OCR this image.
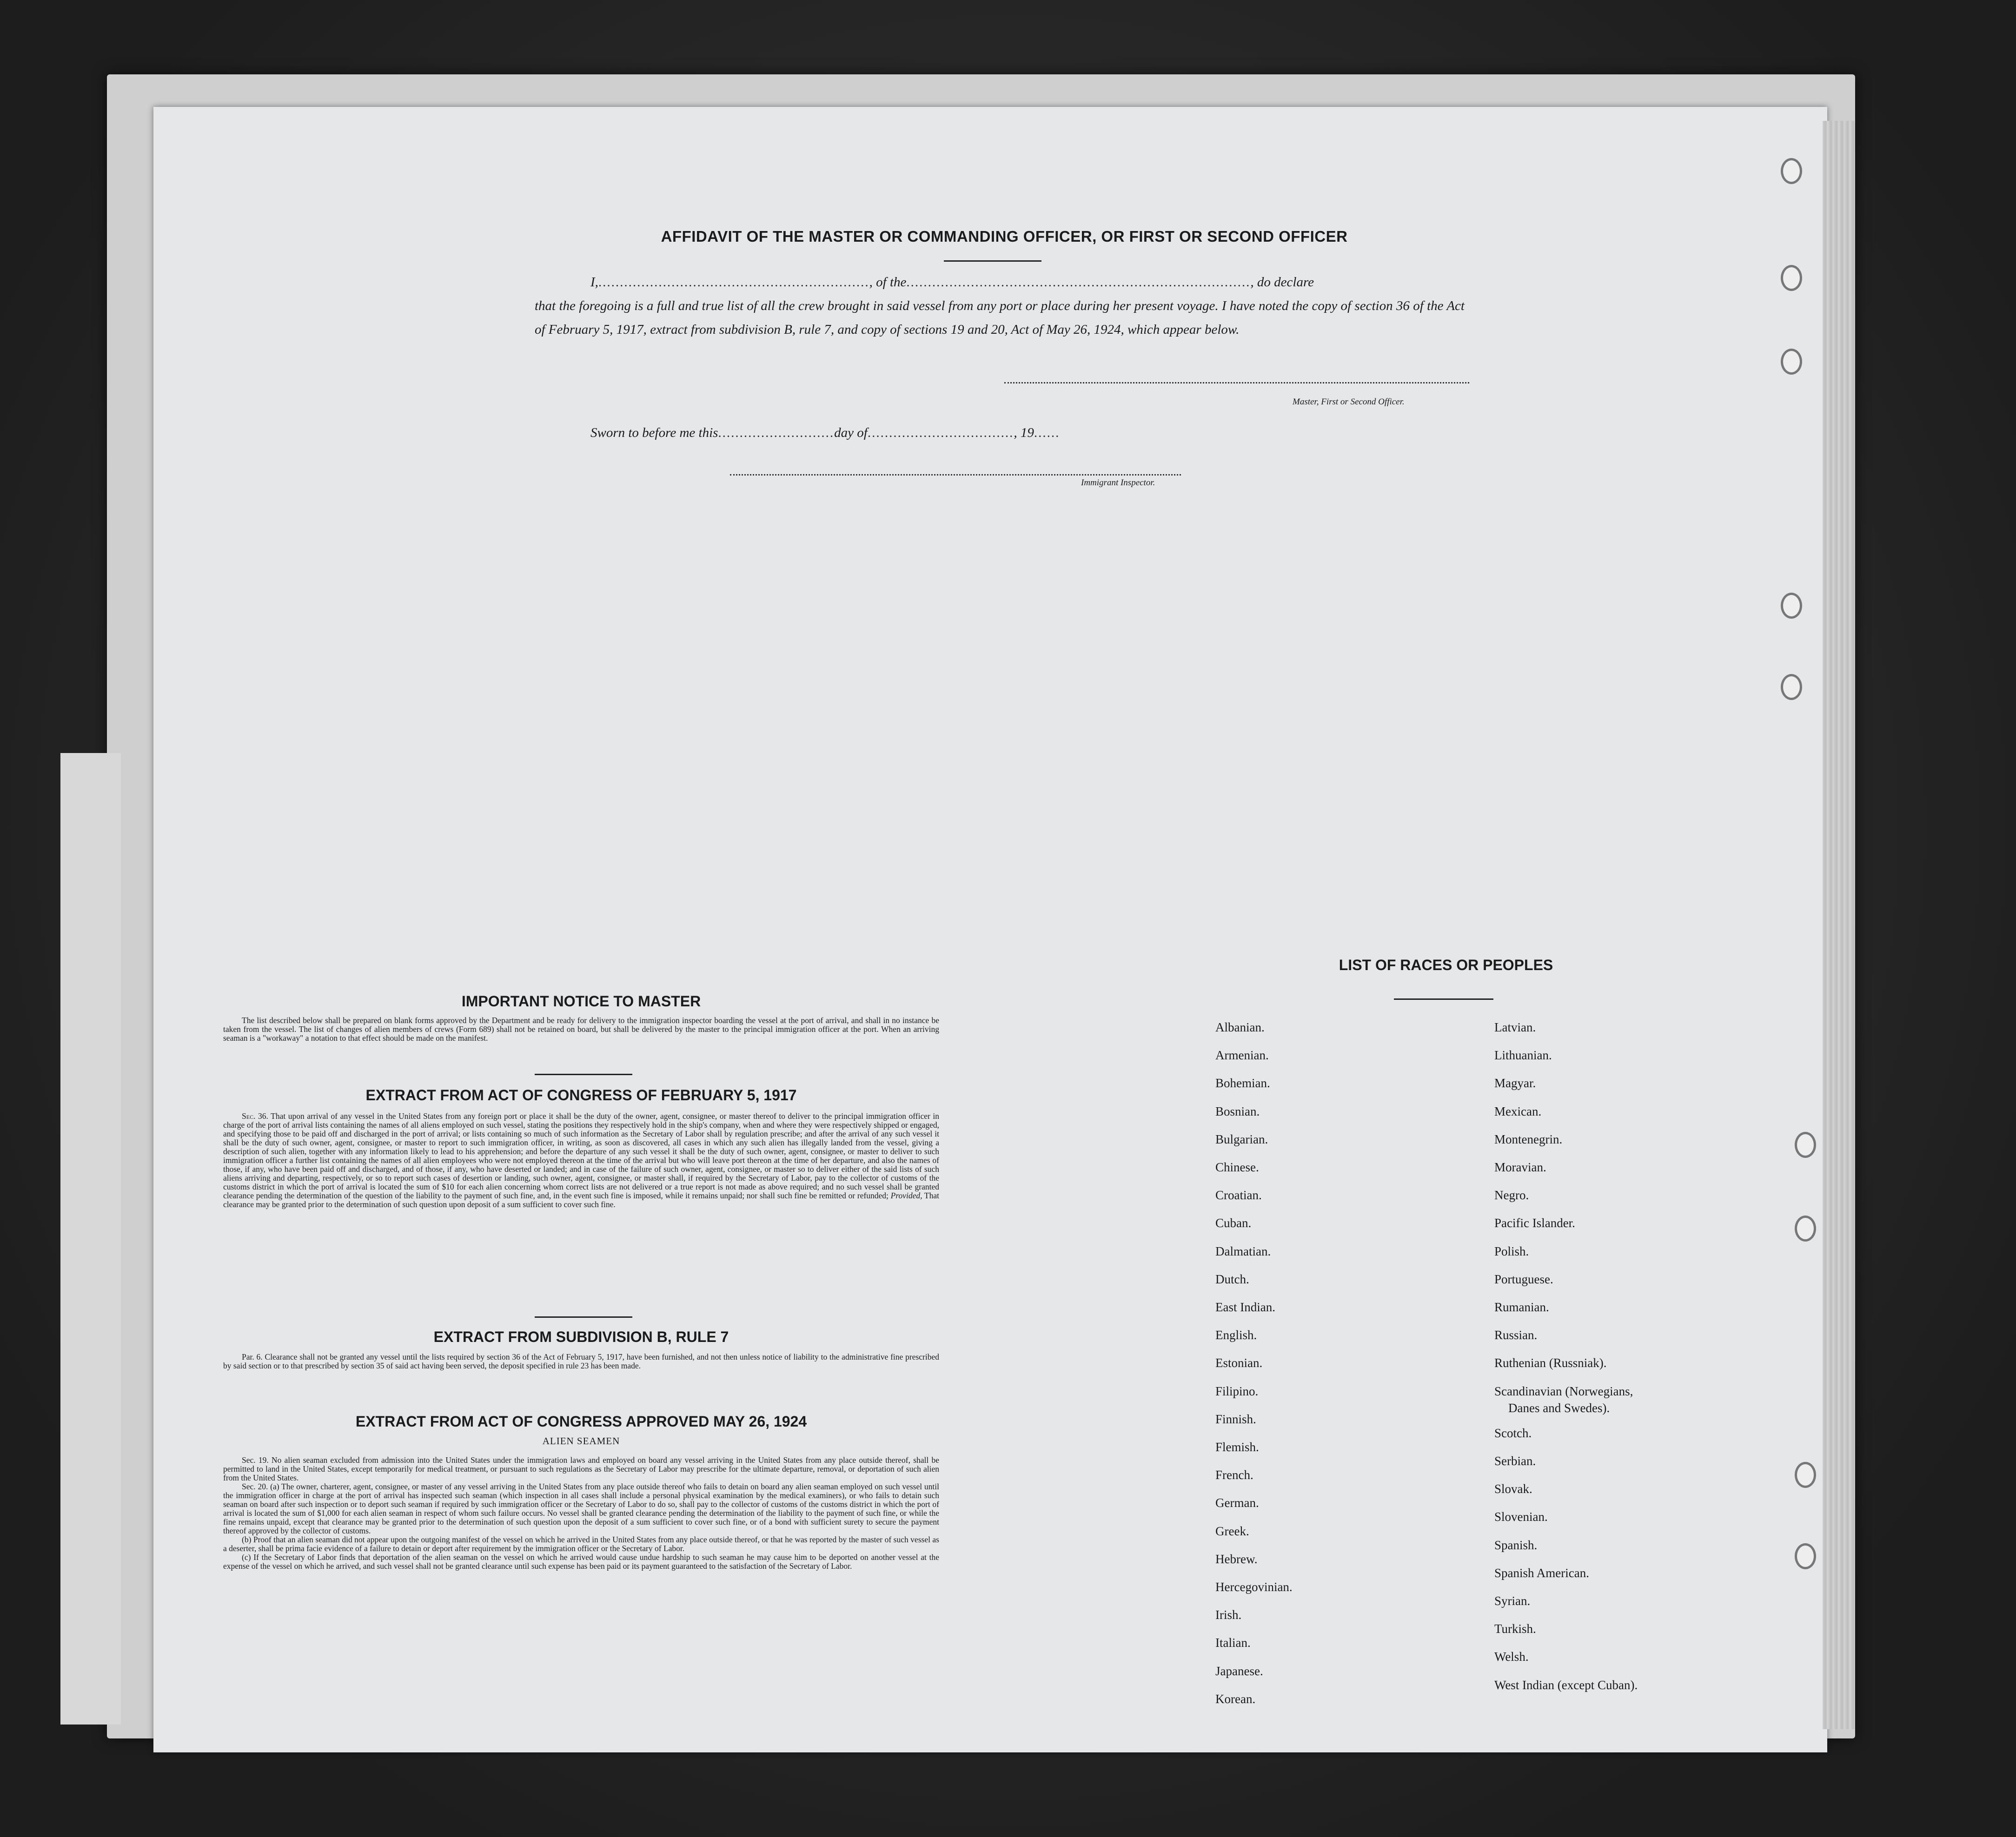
AFFIDAVIT OF THE MASTER OR COMMANDING OFFICER, OR FIRST OR SECOND OFFICER
I,..............................................................., of the................................................................................, do declare
that the foregoing is a full and true list of all the crew brought in said vessel from any port or place during her present voyage. I have noted the copy of section 36 of the Act of February 5, 1917, extract from subdivision B, rule 7, and copy of sections 19 and 20, Act of May 26, 1924, which appear below.
Master, First or Second Officer.
Sworn to before me this...........................day of.................................., 19......
Immigrant Inspector.
IMPORTANT NOTICE TO MASTER

The list described below shall be prepared on blank forms approved by the Department and be ready for delivery to the immigration inspector boarding the vessel at the port of arrival, and shall in no instance be taken from the vessel. The list of changes of alien members of crews (Form 689) shall not be retained on board, but shall be delivered by the master to the principal immigration officer at the port. When an arriving seaman is a "workaway" a notation to that effect should be made on the manifest.

EXTRACT FROM ACT OF CONGRESS OF FEBRUARY 5, 1917

Sec. 36. That upon arrival of any vessel in the United States from any foreign port or place it shall be the duty of the owner, agent, consignee, or master thereof to deliver to the principal immigration officer in charge of the port of arrival lists containing the names of all aliens employed on such vessel, stating the positions they respectively hold in the ship's company, when and where they were respectively shipped or engaged, and specifying those to be paid off and discharged in the port of arrival; or lists containing so much of such information as the Secretary of Labor shall by regulation prescribe; and after the arrival of any such vessel it shall be the duty of such owner, agent, consignee, or master to report to such immigration officer, in writing, as soon as discovered, all cases in which any such alien has illegally landed from the vessel, giving a description of such alien, together with any information likely to lead to his apprehension; and before the departure of any such vessel it shall be the duty of such owner, agent, consignee, or master to deliver to such immigration officer a further list containing the names of all alien employees who were not employed thereon at the time of the arrival but who will leave port thereon at the time of her departure, and also the names of those, if any, who have been paid off and discharged, and of those, if any, who have deserted or landed; and in case of the failure of such owner, agent, consignee, or master so to deliver either of the said lists of such aliens arriving and departing, respectively, or so to report such cases of desertion or landing, such owner, agent, consignee, or master shall, if required by the Secretary of Labor, pay to the collector of customs of the customs district in which the port of arrival is located the sum of $10 for each alien concerning whom correct lists are not delivered or a true report is not made as above required; and no such vessel shall be granted clearance pending the determination of the question of the liability to the payment of such fine, and, in the event such fine is imposed, while it remains unpaid; nor shall such fine be remitted or refunded; Provided, That clearance may be granted prior to the determination of such question upon deposit of a sum sufficient to cover such fine.

EXTRACT FROM SUBDIVISION B, RULE 7

Par. 6. Clearance shall not be granted any vessel until the lists required by section 36 of the Act of February 5, 1917, have been furnished, and not then unless notice of liability to the administrative fine prescribed by said section or to that prescribed by section 35 of said act having been served, the deposit specified in rule 23 has been made.

EXTRACT FROM ACT OF CONGRESS APPROVED MAY 26, 1924
ALIEN SEAMEN

Sec. 19. No alien seaman excluded from admission into the United States under the immigration laws and employed on board any vessel arriving in the United States from any place outside thereof, shall be permitted to land in the United States, except temporarily for medical treatment, or pursuant to such regulations as the Secretary of Labor may prescribe for the ultimate departure, removal, or deportation of such alien from the United States.

Sec. 20. (a) The owner, charterer, agent, consignee, or master of any vessel arriving in the United States from any place outside thereof who fails to detain on board any alien seaman employed on such vessel until the immigration officer in charge at the port of arrival has inspected such seaman (which inspection in all cases shall include a personal physical examination by the medical examiners), or who fails to detain such seaman on board after such inspection or to deport such seaman if required by such immigration officer or the Secretary of Labor to do so, shall pay to the collector of customs of the customs district in which the port of arrival is located the sum of $1,000 for each alien seaman in respect of whom such failure occurs. No vessel shall be granted clearance pending the determination of the liability to the payment of such fine, or while the fine remains unpaid, except that clearance may be granted prior to the determination of such question upon the deposit of a sum sufficient to cover such fine, or of a bond with sufficient surety to secure the payment thereof approved by the collector of customs.

(b) Proof that an alien seaman did not appear upon the outgoing manifest of the vessel on which he arrived in the United States from any place outside thereof, or that he was reported by the master of such vessel as a deserter, shall be prima facie evidence of a failure to detain or deport after requirement by the immigration officer or the Secretary of Labor.

(c) If the Secretary of Labor finds that deportation of the alien seaman on the vessel on which he arrived would cause undue hardship to such seaman he may cause him to be deported on another vessel at the expense of the vessel on which he arrived, and such vessel shall not be granted clearance until such expense has been paid or its payment guaranteed to the satisfaction of the Secretary of Labor.

LIST OF RACES OR PEOPLES
Albanian.
Armenian.
Bohemian.
Bosnian.
Bulgarian.
Chinese.
Croatian.
Cuban.
Dalmatian.
Dutch.
East Indian.
English.
Estonian.
Filipino.
Finnish.
Flemish.
French.
German.
Greek.
Hebrew.
Hercegovinian.
Irish.
Italian.
Japanese.
Korean.
Latvian.
Lithuanian.
Magyar.
Mexican.
Montenegrin.
Moravian.
Negro.
Pacific Islander.
Polish.
Portuguese.
Rumanian.
Russian.
Ruthenian (Russniak).
Scandinavian (Norwegians,
Danes and Swedes).
Scotch.
Serbian.
Slovak.
Slovenian.
Spanish.
Spanish American.
Syrian.
Turkish.
Welsh.
West Indian (except Cuban).
